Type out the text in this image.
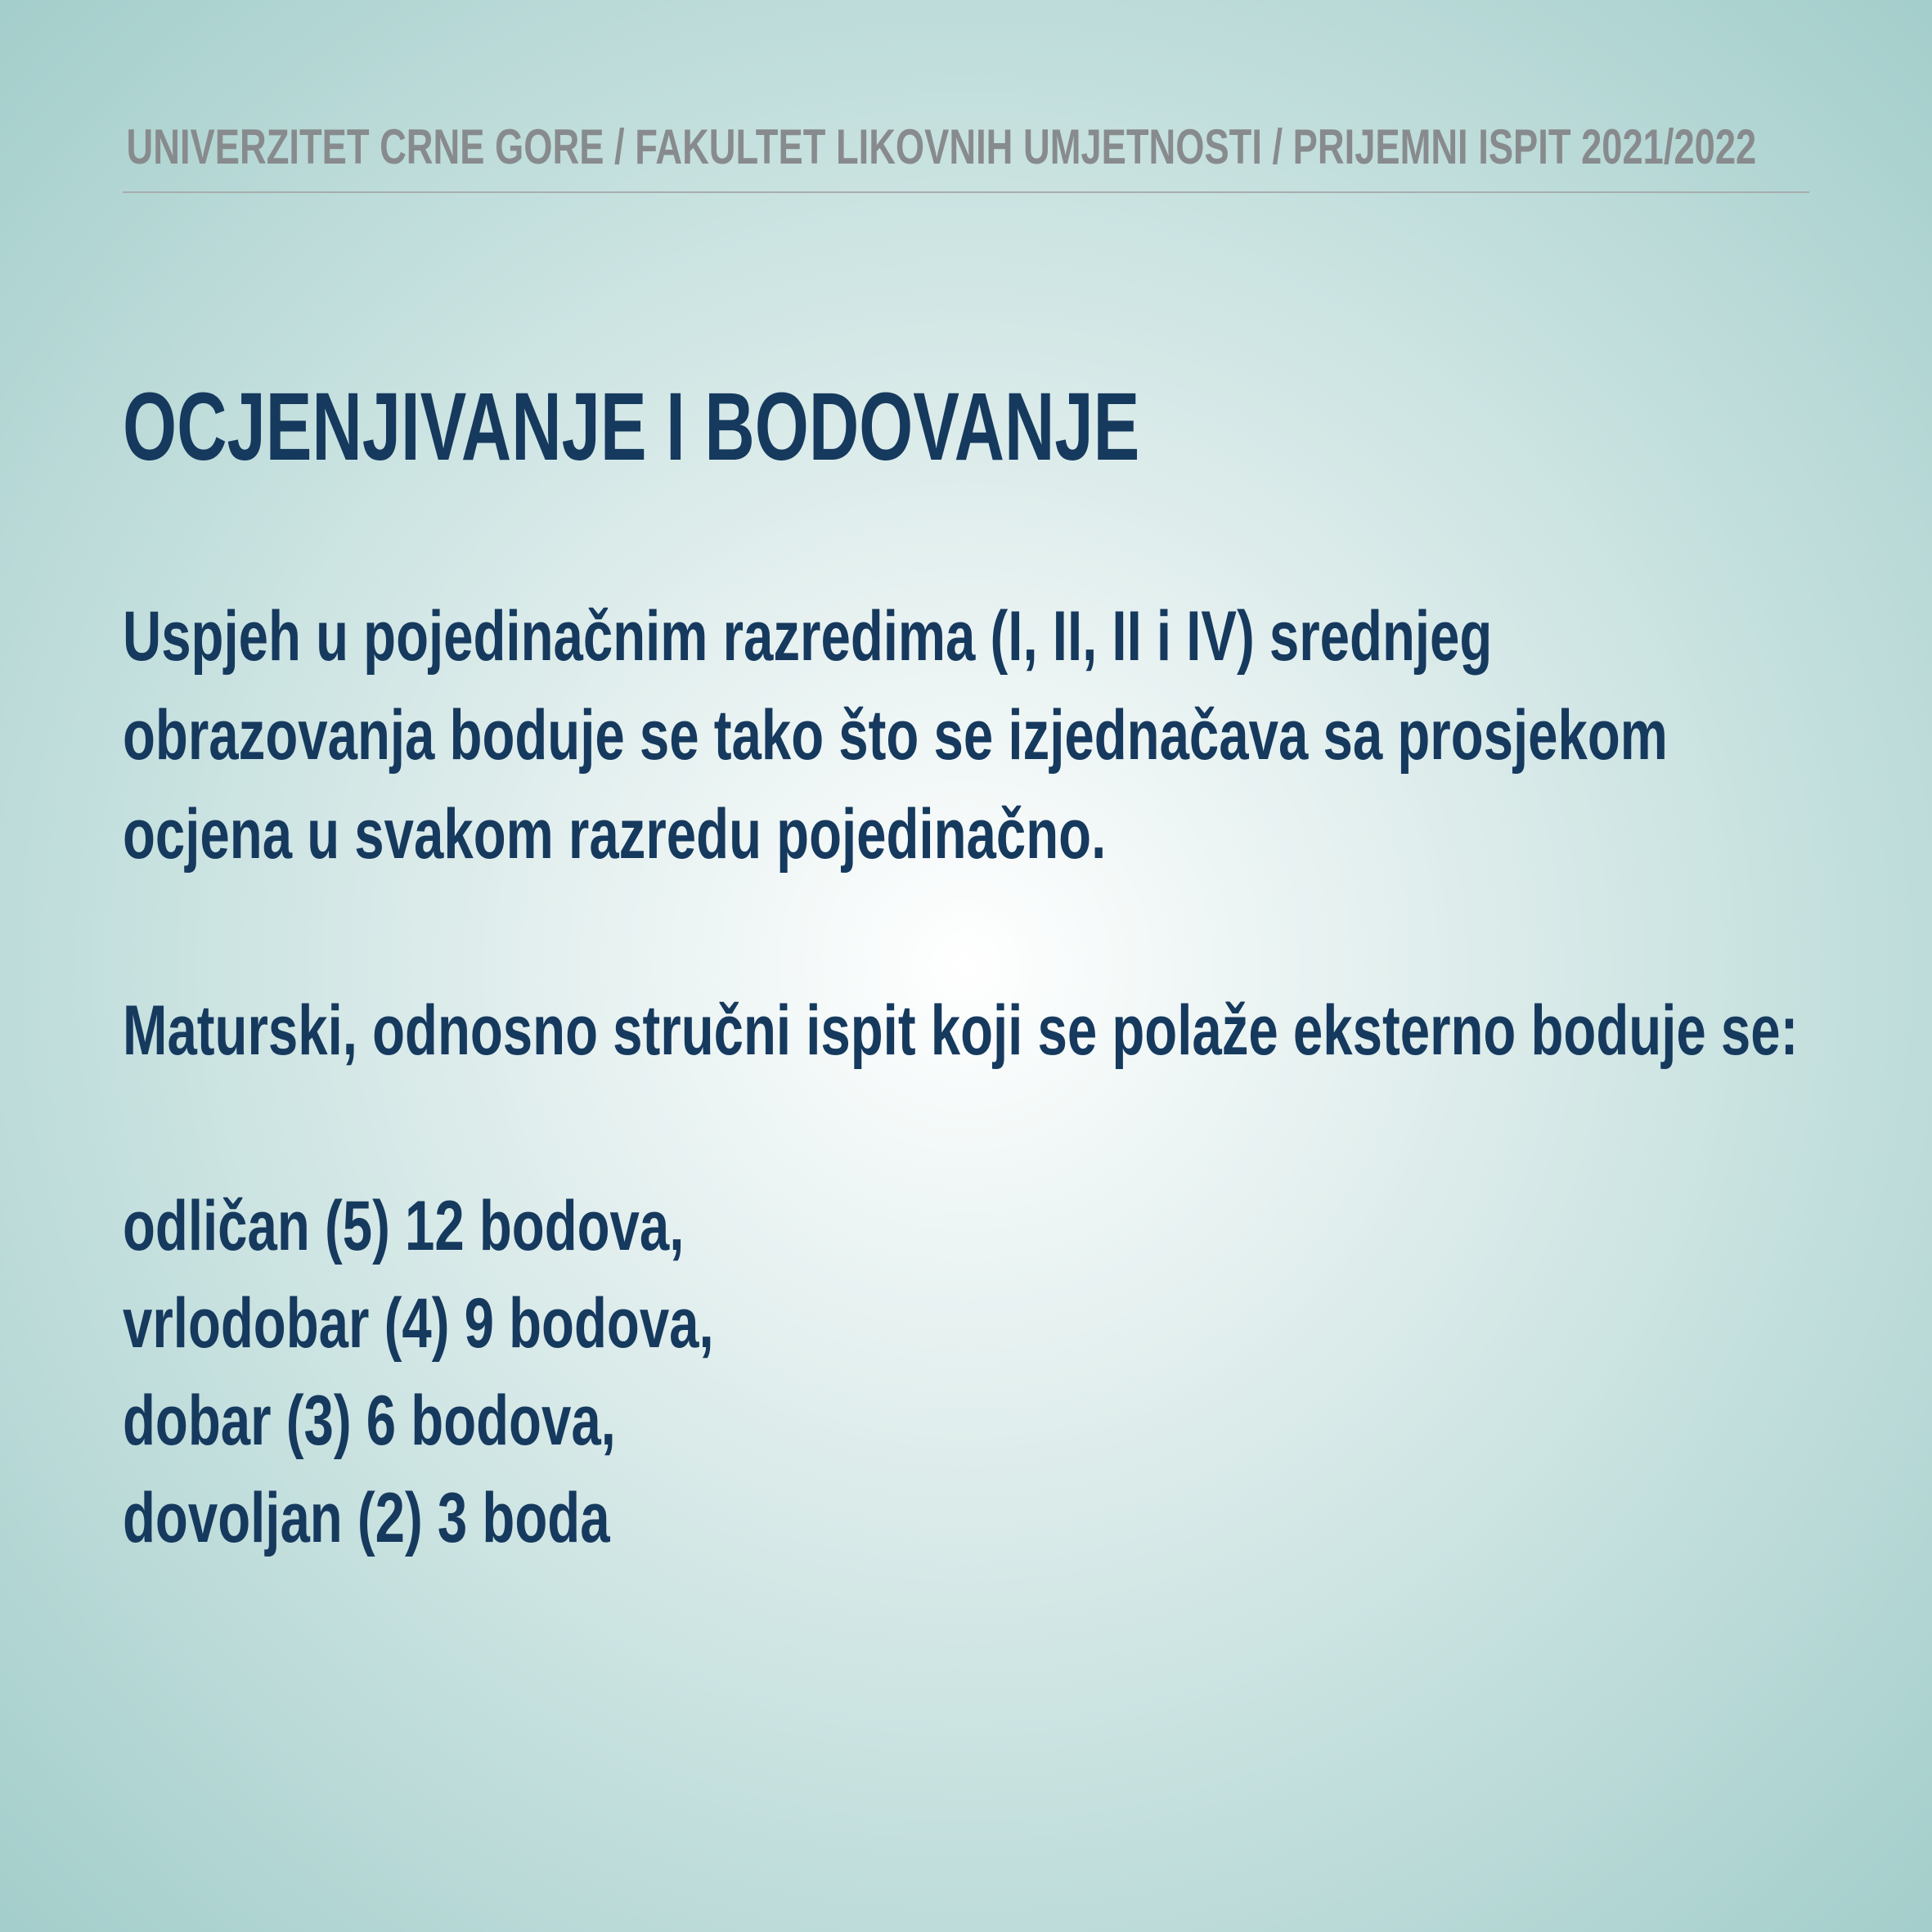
UNIVERZITET CRNE GORE / FAKULTET LIKOVNIH UMJETNOSTI / PRIJEMNI ISPIT 2021/2022
OCJENJIVANJE I BODOVANJE
Uspjeh u pojedinačnim razredima (I, II, II i IV) srednjeg
obrazovanja boduje se tako što se izjednačava sa prosjekom
ocjena u svakom razredu pojedinačno.

Maturski, odnosno stručni ispit koji se polaže eksterno boduje se:

odličan (5) 12 bodova,
vrlodobar (4) 9 bodova,
dobar (3) 6 bodova,
dovoljan (2) 3 boda
